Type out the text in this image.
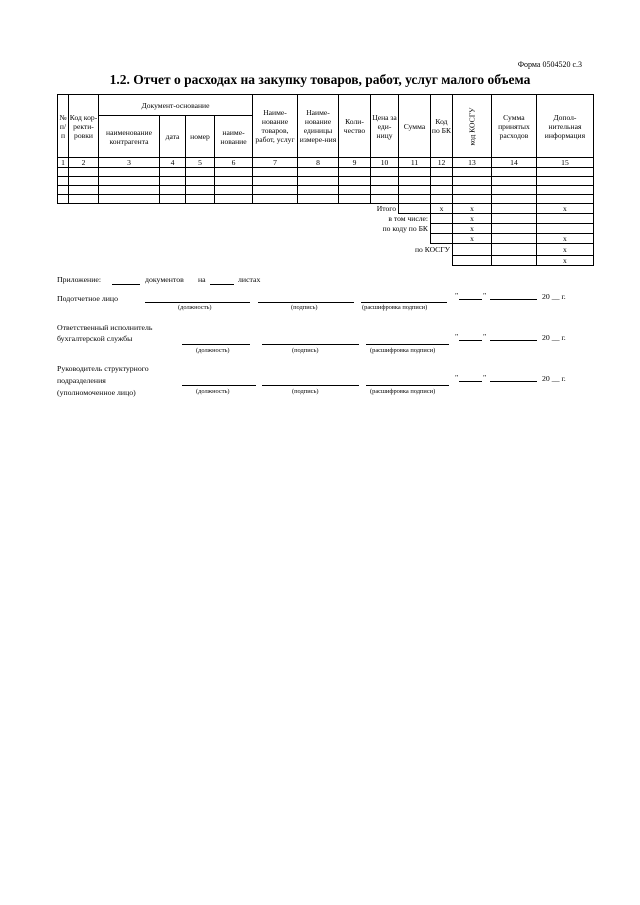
Форма 0504520 с.3
1.2. Отчет о расходах на закупку товаров, работ, услуг малого объема
№ п/п	Код кор-ректи-ровки	Документ-основание				Наиме-нование товаров, работ, услуг	Наиме-нование единицы измере-ния	Коли-чество	Цена за еди-ницу	Сумма	Код по БК	код КОСГУ	Сумма принятых расходов	Допол-нительная информация
		наименование контрагента	дата	номер	наиме-нование									
1	2	3	4	5	6	7	8	9	10	11	12	13	14	15

Итого											x	x		x
в том числе:												x		
по коду по БК												x		
												x		x
по КОСГУ														x
														x
Приложение:	документов на	листах
Подотчетное лицо
(должность)	(подпись)	(расшифровка подписи)
"	"	20 __ г.
Ответственный исполнитель бухгалтерской службы
(должность)	(подпись)	(расшифровка подписи)
"	"	20 __ г.
Руководитель структурного
подразделения
(уполномоченное лицо)	(должность)	(подпись)	(расшифровка подписи)
"	"	20 __ г.
